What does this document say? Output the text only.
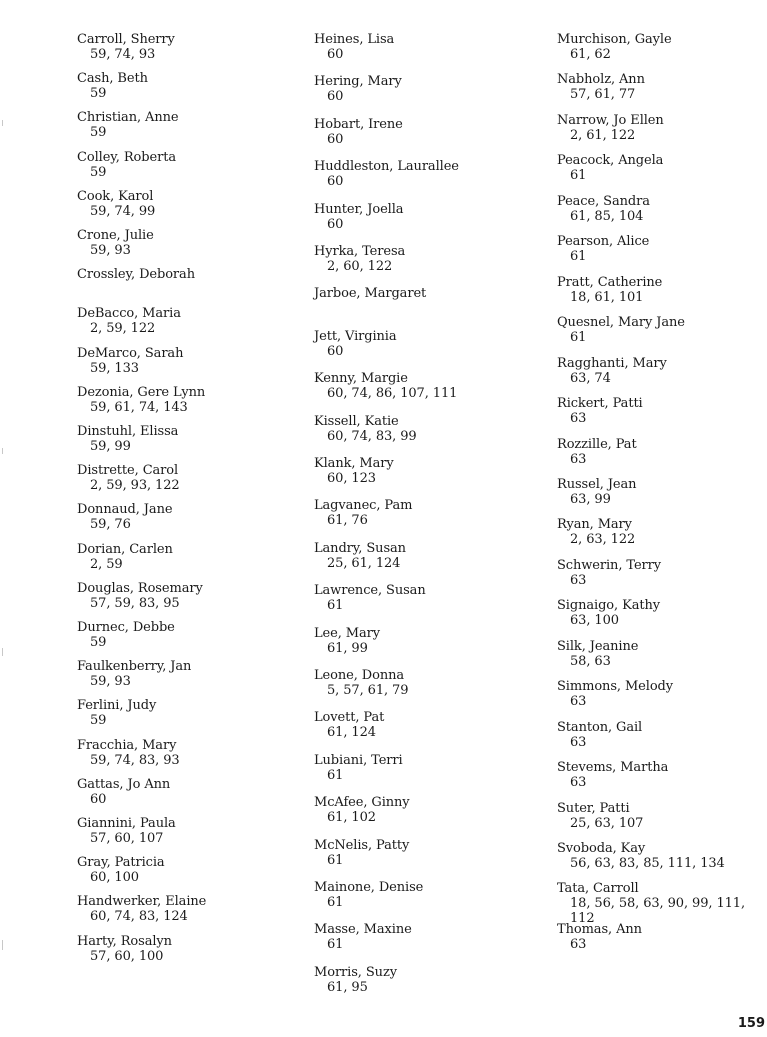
Carroll, Sherry
59, 74, 93
Cash, Beth
59
Christian, Anne
59
Colley, Roberta
59
Cook, Karol
59, 74, 99
Crone, Julie
59, 93
Crossley, Deborah
DeBacco, Maria
2, 59, 122
DeMarco, Sarah
59, 133
Dezonia, Gere Lynn
59, 61, 74, 143
Dinstuhl, Elissa
59, 99
Distrette, Carol
2, 59, 93, 122
Donnaud, Jane
59, 76
Dorian, Carlen
2, 59
Douglas, Rosemary
57, 59, 83, 95
Durnec, Debbe
59
Faulkenberry, Jan
59, 93
Ferlini, Judy
59
Fracchia, Mary
59, 74, 83, 93
Gattas, Jo Ann
60
Giannini, Paula
57, 60, 107
Gray, Patricia
60, 100
Handwerker, Elaine
60, 74, 83, 124
Harty, Rosalyn
57, 60, 100
Heines, Lisa
60
Hering, Mary
60
Hobart, Irene
60
Huddleston, Laurallee
60
Hunter, Joella
60
Hyrka, Teresa
2, 60, 122
Jarboe, Margaret
Jett, Virginia
60
Kenny, Margie
60, 74, 86, 107, 111
Kissell, Katie
60, 74, 83, 99
Klank, Mary
60, 123
Lagvanec, Pam
61, 76
Landry, Susan
25, 61, 124
Lawrence, Susan
61
Lee, Mary
61, 99
Leone, Donna
5, 57, 61, 79
Lovett, Pat
61, 124
Lubiani, Terri
61
McAfee, Ginny
61, 102
McNelis, Patty
61
Mainone, Denise
61
Masse, Maxine
61
Morris, Suzy
61, 95
Murchison, Gayle
61, 62
Nabholz, Ann
57, 61, 77
Narrow, Jo Ellen
2, 61, 122
Peacock, Angela
61
Peace, Sandra
61, 85, 104
Pearson, Alice
61
Pratt, Catherine
18, 61, 101
Quesnel, Mary Jane
61
Ragghanti, Mary
63, 74
Rickert, Patti
63
Rozzille, Pat
63
Russel, Jean
63, 99
Ryan, Mary
2, 63, 122
Schwerin, Terry
63
Signaigo, Kathy
63, 100
Silk, Jeanine
58, 63
Simmons, Melody
63
Stanton, Gail
63
Stevems, Martha
63
Suter, Patti
25, 63, 107
Svoboda, Kay
56, 63, 83, 85, 111, 134
Tata, Carroll
18, 56, 58, 63, 90, 99, 111,
112
Thomas, Ann
63
159
